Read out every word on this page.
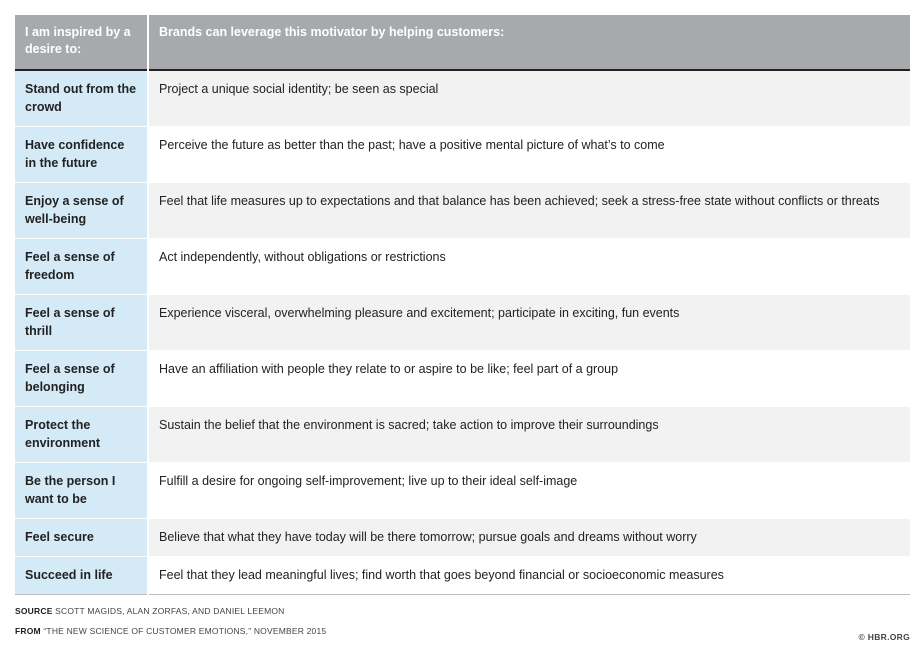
I am inspired by a desire to:	Brands can leverage this motivator by helping customers:
Stand out from the crowd	Project a unique social identity; be seen as special
Have confidence in the future	Perceive the future as better than the past; have a positive mental picture of what’s to come
Enjoy a sense of well-being	Feel that life measures up to expectations and that balance has been achieved; seek a stress-free state without conflicts or threats
Feel a sense of freedom	Act independently, without obligations or restrictions
Feel a sense of thrill	Experience visceral, overwhelming pleasure and excitement; participate in exciting, fun events
Feel a sense of belonging	Have an affiliation with people they relate to or aspire to be like; feel part of a group
Protect the environment	Sustain the belief that the environment is sacred; take action to improve their surroundings
Be the person I want to be	Fulfill a desire for ongoing self-improvement; live up to their ideal self-image
Feel secure	Believe that what they have today will be there tomorrow; pursue goals and dreams without worry
Succeed in life	Feel that they lead meaningful lives; find worth that goes beyond financial or socioeconomic measures
SOURCE SCOTT MAGIDS, ALAN ZORFAS, AND DANIEL LEEMON
FROM “THE NEW SCIENCE OF CUSTOMER EMOTIONS,” NOVEMBER 2015
© HBR.ORG
